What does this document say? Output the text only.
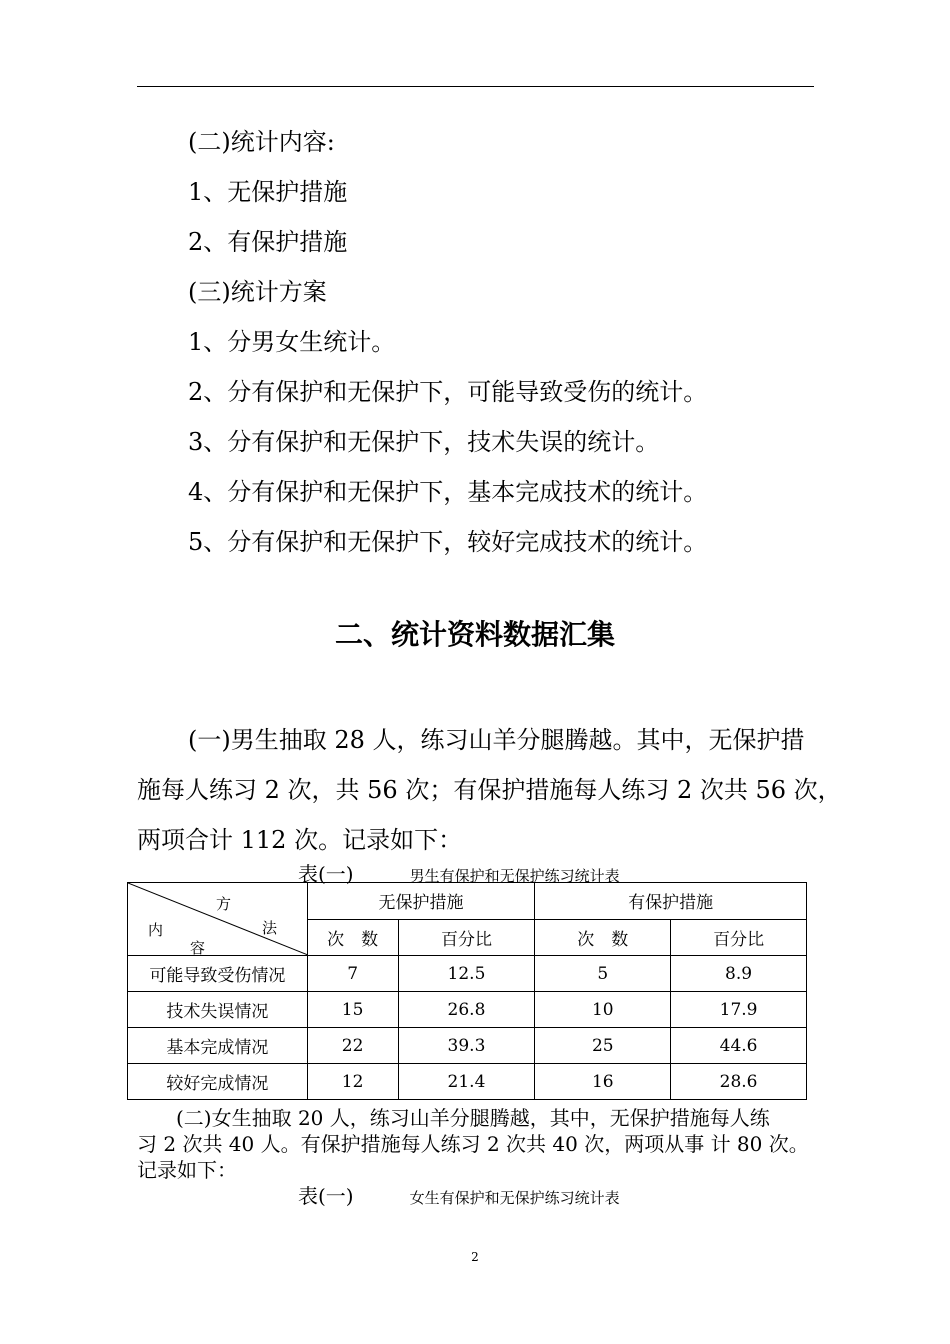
(二)统计内容:
1、无保护措施
2、有保护措施
(三)统计方案
1、分男女生统计。
2、分有保护和无保护下，可能导致受伤的统计。
3、分有保护和无保护下，技术失误的统计。
4、分有保护和无保护下，基本完成技术的统计。
5、分有保护和无保护下，较好完成技术的统计。
二、统计资料数据汇集
(一)男生抽取 28 人，练习山羊分腿腾越。其中，无保护措
施每人练习 2 次，共 56 次；有保护措施每人练习 2 次共 56 次，
两项合计 112 次。记录如下：
表(一)	男生有保护和无保护练习统计表
方
法
内
容	无保护措施		有保护措施	
	次　数	百分比	次　数	百分比
可能导致受伤情况	7	12.5	5	8.9
技术失误情况	15	26.8	10	17.9
基本完成情况	22	39.3	25	44.6
较好完成情况	12	21.4	16	28.6
(二)女生抽取 20 人，练习山羊分腿腾越，其中，无保护措施每人练
习 2 次共 40 人。有保护措施每人练习 2 次共 40 次，两项从事 计 80 次。
记录如下：
表(一)	女生有保护和无保护练习统计表
2
